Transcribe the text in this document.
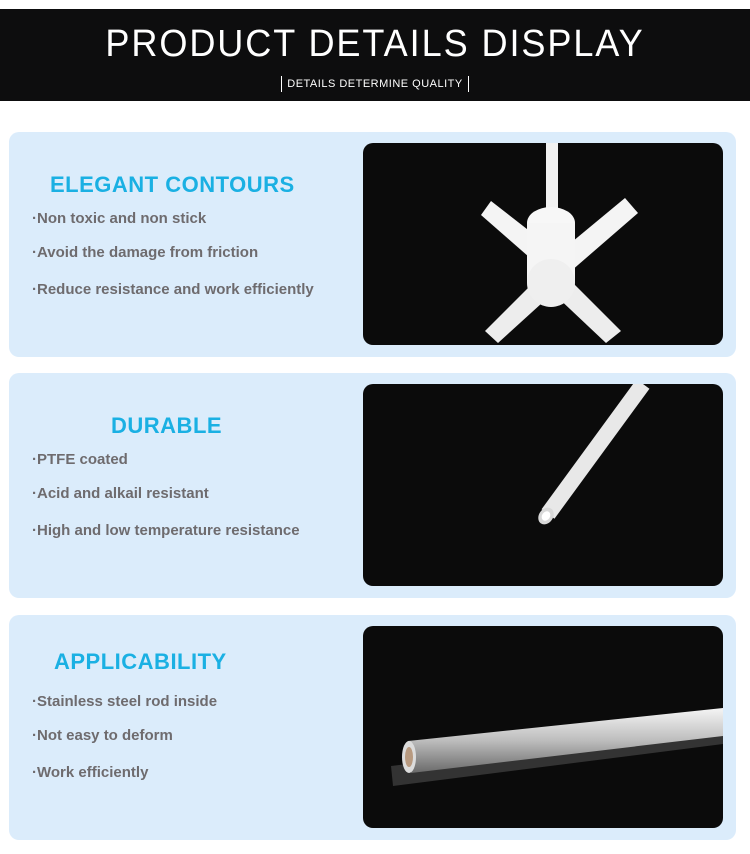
PRODUCT DETAILS DISPLAY
DETAILS DETERMINE QUALITY
ELEGANT CONTOURS
·Non toxic and non stick
·Avoid the damage from friction
·Reduce resistance and work efficiently
DURABLE
·PTFE coated
·Acid and alkail resistant
·High and low temperature resistance
APPLICABILITY
·Stainless steel rod inside
·Not easy to deform
·Work efficiently
